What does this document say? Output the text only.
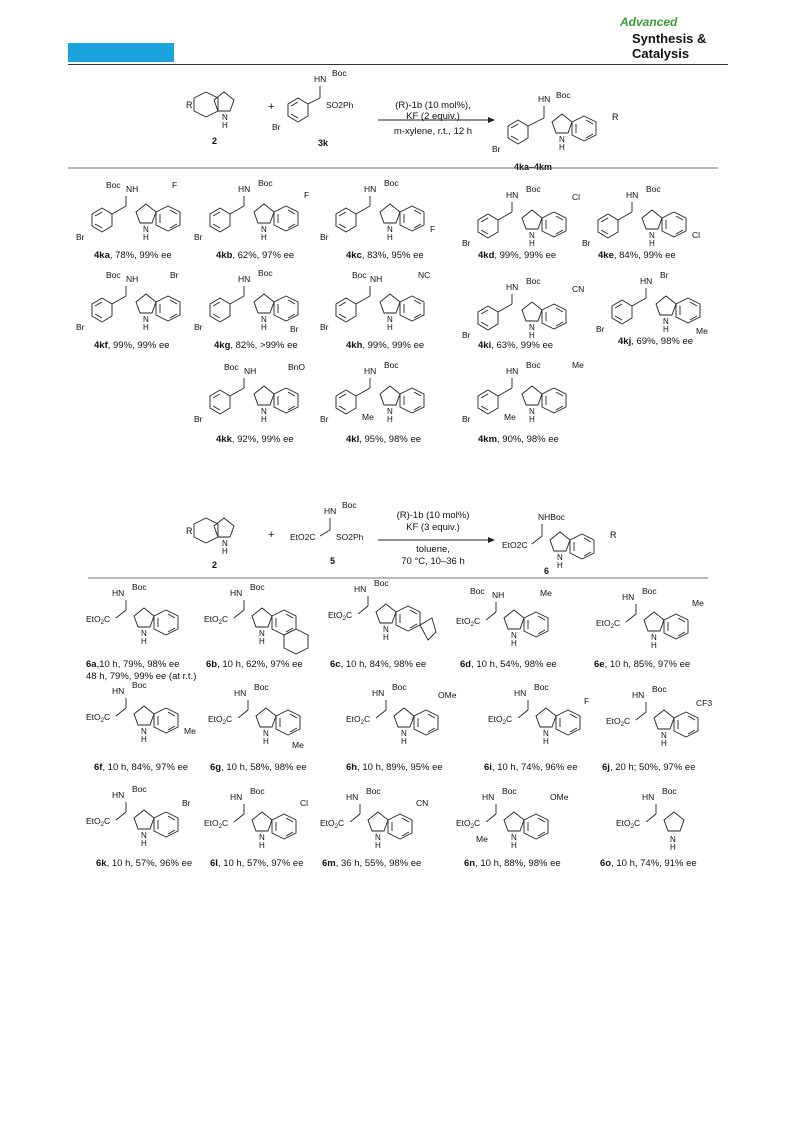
Advanced
Synthesis &
Catalysis
N
H
N
H
R
2
+
HN
Boc
SO2Ph
3k
(R)-1b (10 mol%),
KF (2 equiv.)
m-xylene, r.t., 12 h
HN Boc
R
4ka–4km
Boc NH	F	HN
Boc
F
HN
Boc
F
HN
Boc
Cl	HN
Boc
Cl
Boc NH	Br	HN
Boc
Br
Boc NH	NC
HN
Boc
CN
HN
Br
Me
Boc NH	BnO	HN
Boc
Me
HN
Boc
Me
Me
4ka, 78%, 99% ee	4kb, 62%, 97% ee	4kc, 83%, 95% ee	4kd, 99%, 99% ee	4ke, 84%, 99% ee
4kf, 99%, 99% ee	4kg, 82%, >99% ee	4kh, 99%, 99% ee	4ki, 63%, 99% ee	4kj, 69%, 98% ee
4kk, 92%, 99% ee	4kl, 95%, 98% ee	4km, 90%, 98% ee
N
H
R
2
+ EtO2C
HN
Boc
SO2Ph
5
(R)-1b (10 mol%)
KF (3 equiv.)
toluene,
70 °C, 10–36 h
EtO2C
NHBoc
R
6
EtO$_2$C
HN
Boc
EtO$_2$C
HN
Boc
EtO$_2$C
HN
Boc
EtO$_2$C
Boc NH	Me
EtO$_2$C
HN
Boc
Me
EtO$_2$C
HN
Boc
Me
EtO$_2$C
HN
Boc
Me
EtO$_2$C
HN
Boc
OMe
EtO$_2$C
HN
Boc
F
EtO$_2$C
HN
Boc
CF3
EtO$_2$C
HN
Boc
Br
EtO$_2$C
HN
Boc
Cl
EtO$_2$C
HN
Boc
CN
EtO$_2$C
HN
Boc
OMe
Me
EtO$_2$C
HN
Boc
N
H
6a,10 h, 79%, 98% ee
48 h, 79%, 99% ee (at r.t.)
6b, 10 h, 62%, 97% ee	6c, 10 h, 84%, 98% ee	6d, 10 h, 54%, 98% ee	6e, 10 h, 85%, 97% ee
6f, 10 h, 84%, 97% ee 6g, 10 h, 58%, 98% ee	6h, 10 h, 89%, 95% ee	6i, 10 h, 74%, 96% ee	6j, 20 h; 50%, 97% ee
6k, 10 h, 57%, 96% ee 6l, 10 h, 57%, 97% ee 6m, 36 h, 55%, 98% ee	6n, 10 h, 88%, 98% ee	6o, 10 h, 74%, 91% ee
